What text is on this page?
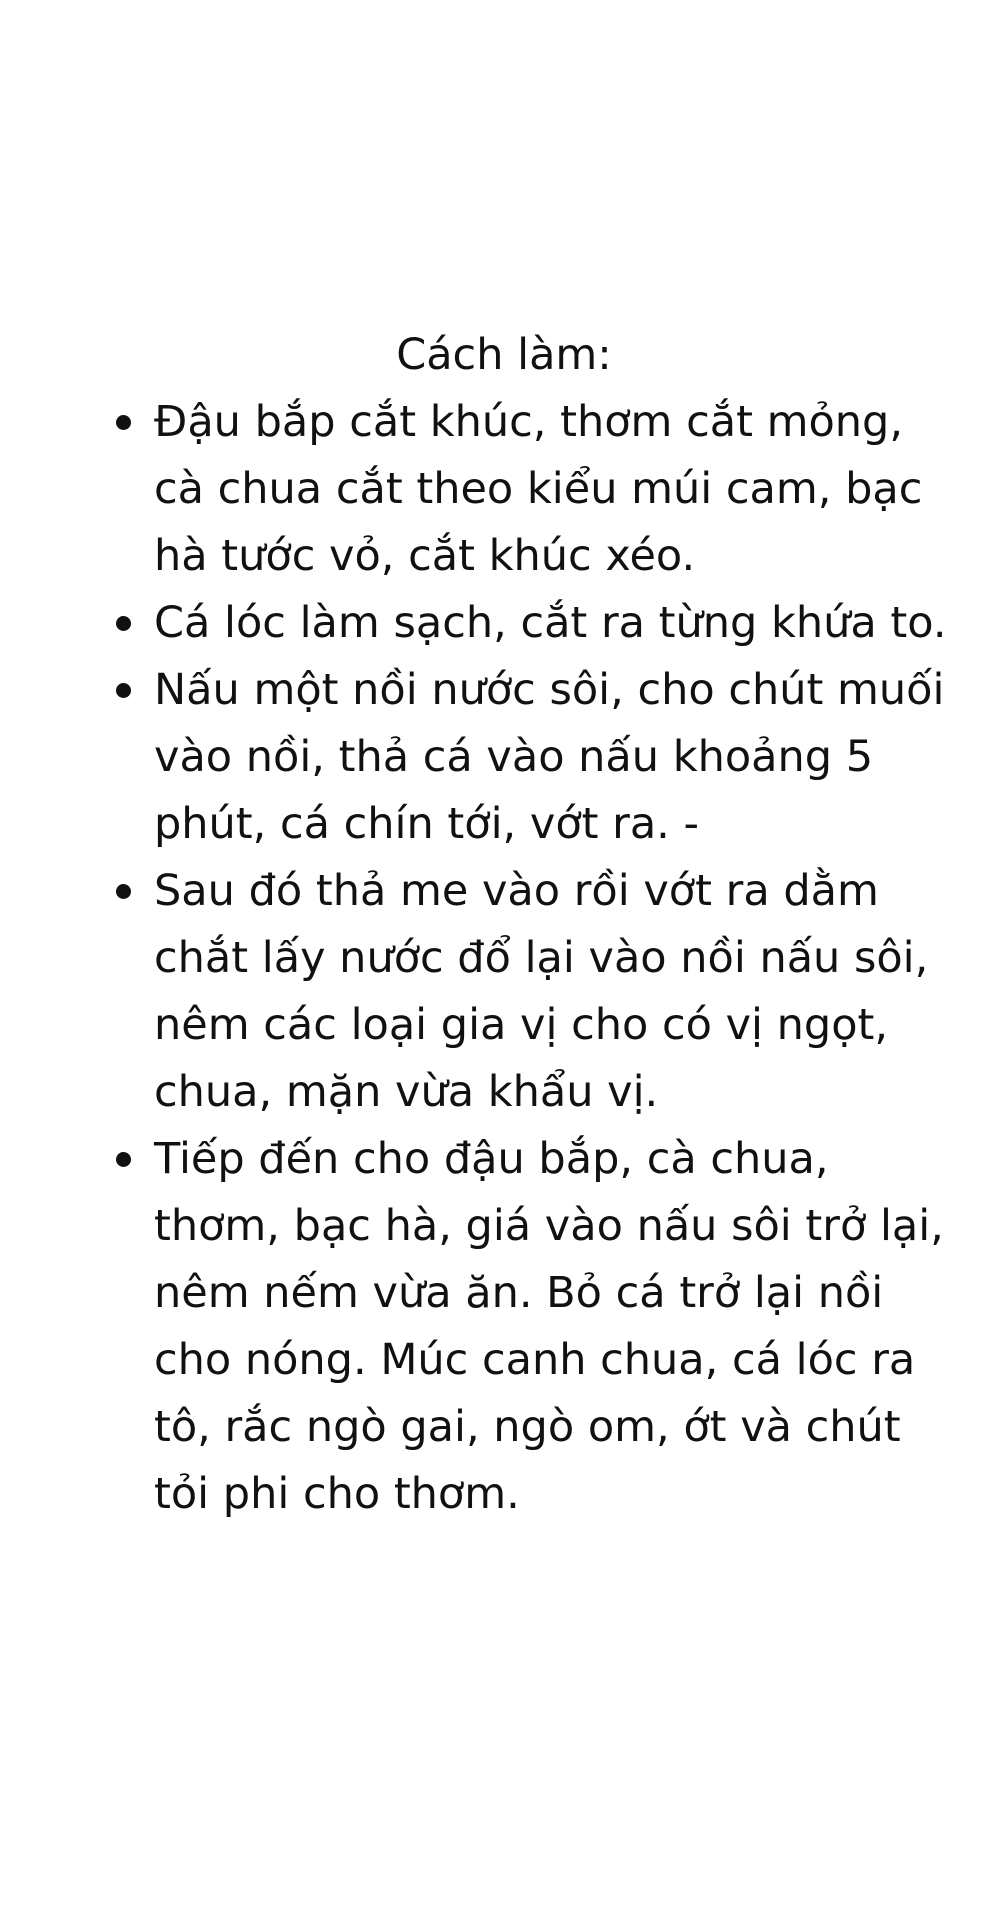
Cách làm:
Đậu bắp cắt khúc, thơm cắt mỏng, cà chua cắt theo kiểu múi cam, bạc hà tước vỏ, cắt khúc xéo.
Cá lóc làm sạch, cắt ra từng khứa to.
Nấu một nồi nước sôi, cho chút muối vào nồi, thả cá vào nấu khoảng 5 phút, cá chín tới, vớt ra. -
Sau đó thả me vào rồi vớt ra dằm chắt lấy nước đổ lại vào nồi nấu sôi, nêm các loại gia vị cho có vị ngọt, chua, mặn vừa khẩu vị.
Tiếp đến cho đậu bắp, cà chua, thơm, bạc hà, giá vào nấu sôi trở lại, nêm nếm vừa ăn. Bỏ cá trở lại nồi cho nóng. Múc canh chua, cá lóc ra tô, rắc ngò gai, ngò om, ớt và chút tỏi phi cho thơm.
